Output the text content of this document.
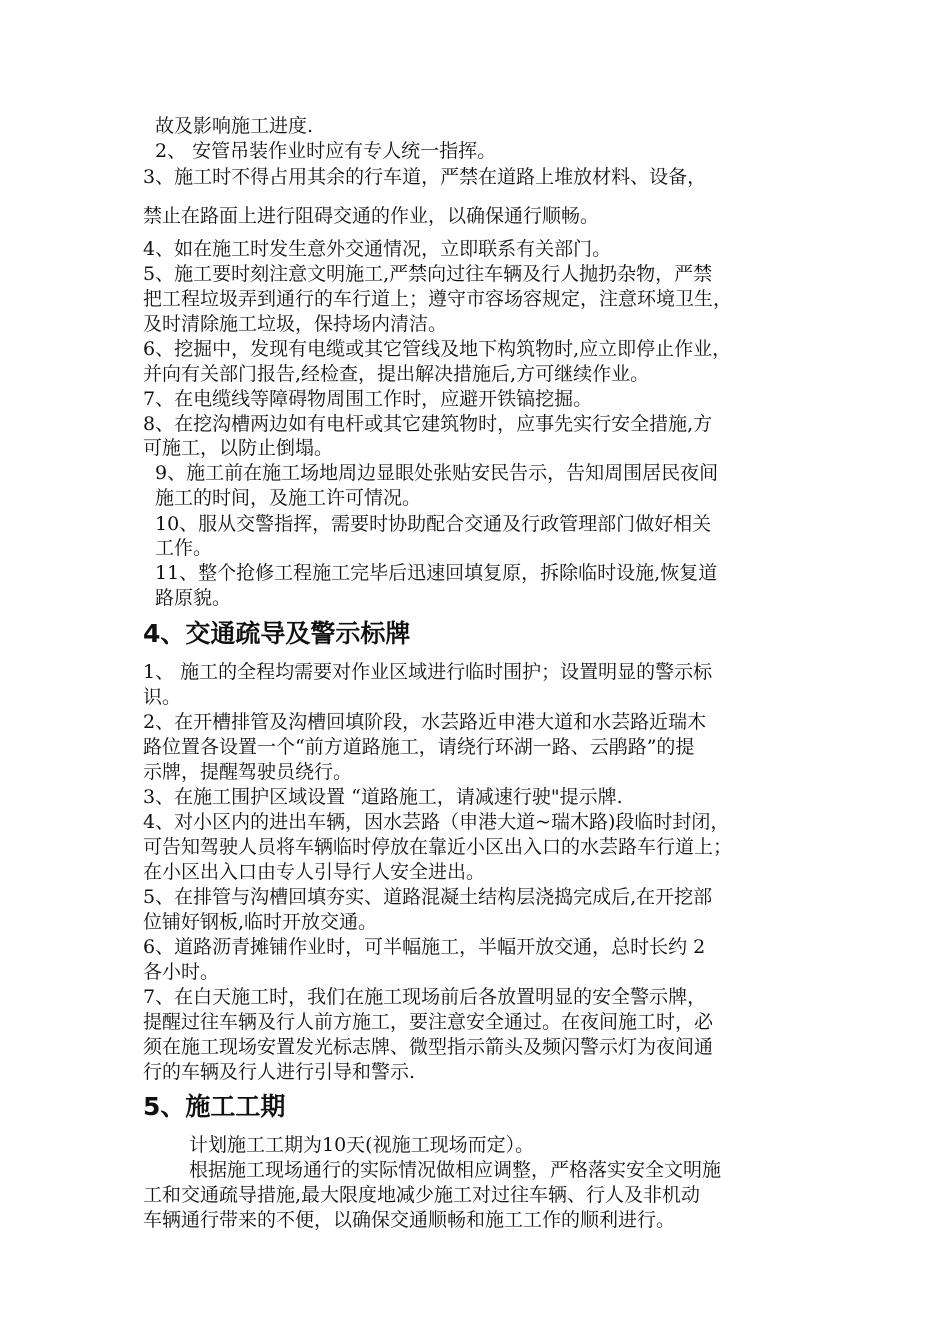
故及影响施工进度.
2、 安管吊装作业时应有专人统一指挥。
3、施工时不得占用其余的行车道，严禁在道路上堆放材料、设备，
禁止在路面上进行阻碍交通的作业，以确保通行顺畅。
4、如在施工时发生意外交通情况，立即联系有关部门。
5、施工要时刻注意文明施工,严禁向过往车辆及行人抛扔杂物，严禁
把工程垃圾弄到通行的车行道上；遵守市容场容规定，注意环境卫生，
及时清除施工垃圾，保持场内清洁。
6、挖掘中，发现有电缆或其它管线及地下构筑物时,应立即停止作业，
并向有关部门报告,经检查，提出解决措施后,方可继续作业。
7、在电缆线等障碍物周围工作时，应避开铁镐挖掘。
8、在挖沟槽两边如有电杆或其它建筑物时，应事先实行安全措施,方
可施工，以防止倒塌。
9、施工前在施工场地周边显眼处张贴安民告示，告知周围居民夜间
施工的时间，及施工许可情况。
10、服从交警指挥，需要时协助配合交通及行政管理部门做好相关
工作。
11、整个抢修工程施工完毕后迅速回填复原，拆除临时设施,恢复道
路原貌。
4、交通疏导及警示标牌
1、 施工的全程均需要对作业区域进行临时围护；设置明显的警示标
识。
2、在开槽排管及沟槽回填阶段，水芸路近申港大道和水芸路近瑞木
路位置各设置一个“前方道路施工，请绕行环湖一路、云鹃路”的提
示牌，提醒驾驶员绕行。
3、在施工围护区域设置 “道路施工，请减速行驶"提示牌.
4、对小区内的进出车辆，因水芸路（申港大道~瑞木路)段临时封闭，
可告知驾驶人员将车辆临时停放在靠近小区出入口的水芸路车行道上；
在小区出入口由专人引导行人安全进出。
5、在排管与沟槽回填夯实、道路混凝土结构层浇捣完成后,在开挖部
位铺好钢板,临时开放交通。
6、道路沥青摊铺作业时，可半幅施工，半幅开放交通，总时长约 2
各小时。
7、在白天施工时，我们在施工现场前后各放置明显的安全警示牌，
提醒过往车辆及行人前方施工，要注意安全通过。在夜间施工时，必
须在施工现场安置发光标志牌、微型指示箭头及频闪警示灯为夜间通
行的车辆及行人进行引导和警示.
5、施工工期
计划施工工期为10天(视施工现场而定）。
根据施工现场通行的实际情况做相应调整，严格落实安全文明施
工和交通疏导措施,最大限度地减少施工对过往车辆、行人及非机动
车辆通行带来的不便，以确保交通顺畅和施工工作的顺利进行。
